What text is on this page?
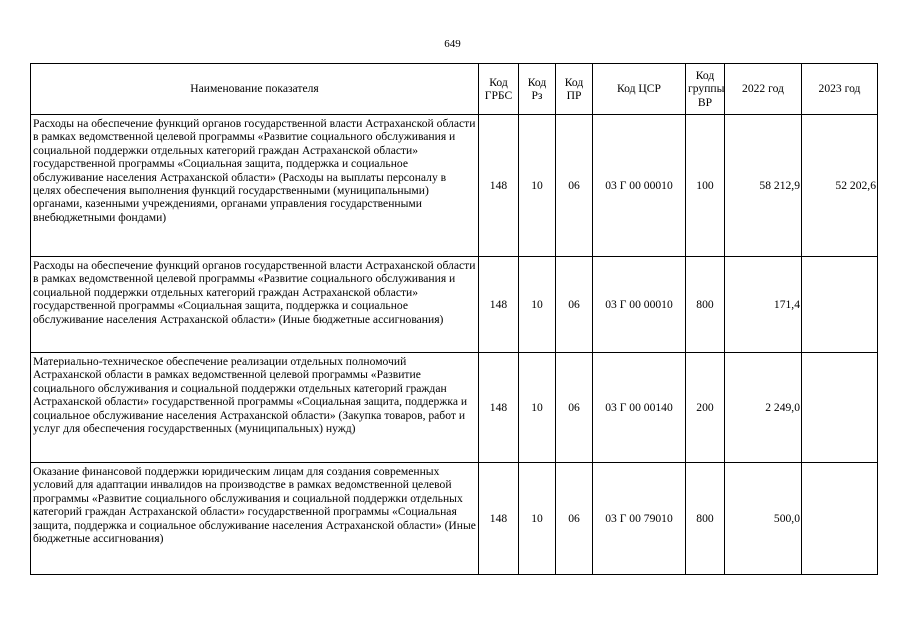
649
Наименование показателя	Код ГРБС	Код Рз	Код ПР	Код ЦСР	Код группы ВР	2022 год	2023 год
Расходы на обеспечение функций органов государственной власти Астраханской области в рамках ведомственной целевой программы «Развитие социального обслуживания и социальной поддержки отдельных категорий граждан Астраханской области» государственной программы «Социальная защита, поддержка и социальное обслуживание населения Астраханской области» (Расходы на выплаты персоналу в целях обеспечения выполнения функций государственными (муниципальными) органами, казенными учреждениями, органами управления государственными внебюджетными фондами)	148	10	06	03 Г 00 00010	100	58 212,9	52 202,6
Расходы на обеспечение функций органов государственной власти Астраханской области в рамках ведомственной целевой программы «Развитие социального обслуживания и социальной поддержки отдельных категорий граждан Астраханской области» государственной программы «Социальная защита, поддержка и социальное обслуживание населения Астраханской области» (Иные бюджетные ассигнования)	148	10	06	03 Г 00 00010	800	171,4	
Материально-техническое обеспечение реализации отдельных полномочий Астраханской области в рамках ведомственной целевой программы «Развитие социального обслуживания и социальной поддержки отдельных категорий граждан Астраханской области» государственной программы «Социальная защита, поддержка и социальное обслуживание населения Астраханской области» (Закупка товаров, работ и услуг для обеспечения государственных (муниципальных) нужд)	148	10	06	03 Г 00 00140	200	2 249,0	
Оказание финансовой поддержки юридическим лицам для создания современных условий для адаптации инвалидов на производстве в рамках ведомственной целевой программы «Развитие социального обслуживания и социальной поддержки отдельных категорий граждан Астраханской области» государственной программы «Социальная защита, поддержка и социальное обслуживание населения Астраханской области» (Иные бюджетные ассигнования)	148	10	06	03 Г 00 79010	800	500,0	
